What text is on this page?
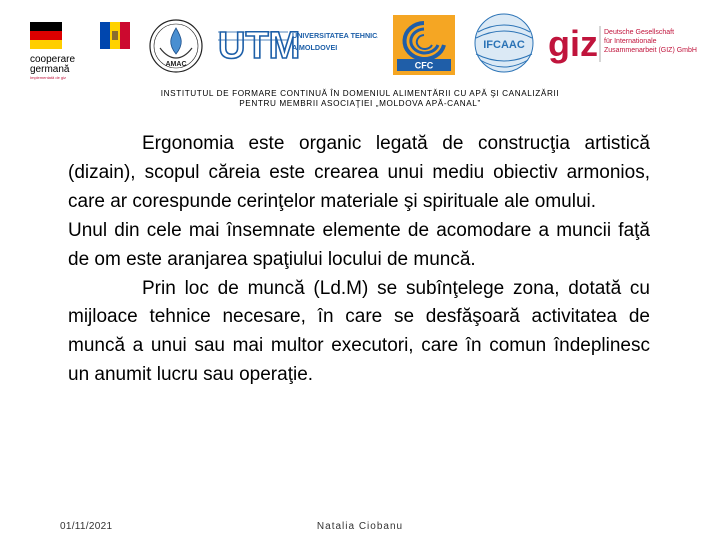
cooperare
germană
Implementată de giz
AMAC UTM
UNIVERSITATEA TEHNICĂ
A MOLDOVEI
CFC
IFCAAC giz Deutsche Gesellschaft
für Internationale
Zusammenarbeit (GIZ) GmbH
INSTITUTUL DE FORMARE CONTINUĂ ÎN DOMENIUL ALIMENTĂRII CU APĂ ŞI CANALIZĂRII
PENTRU MEMBRII ASOCIAŢIEI „MOLDOVA APĂ-CANAL”

Ergonomia este organic legată de construcţia artistică (dizain), scopul căreia este crearea unui mediu obiectiv armonios, care ar corespunde cerinţelor materiale şi spirituale ale omului.

Unul din cele mai însemnate elemente de acomodare a muncii faţă de om este aranjarea spaţiului locului de muncă.

Prin loc de muncă (Ld.M) se subînţelege zona, dotată cu mijloace tehnice necesare, în care se desfăşoară activitatea de muncă a unui sau mai multor executori, care în comun îndeplinesc un anumit lucru sau operaţie.

01/11/2021	Natalia Ciobanu
